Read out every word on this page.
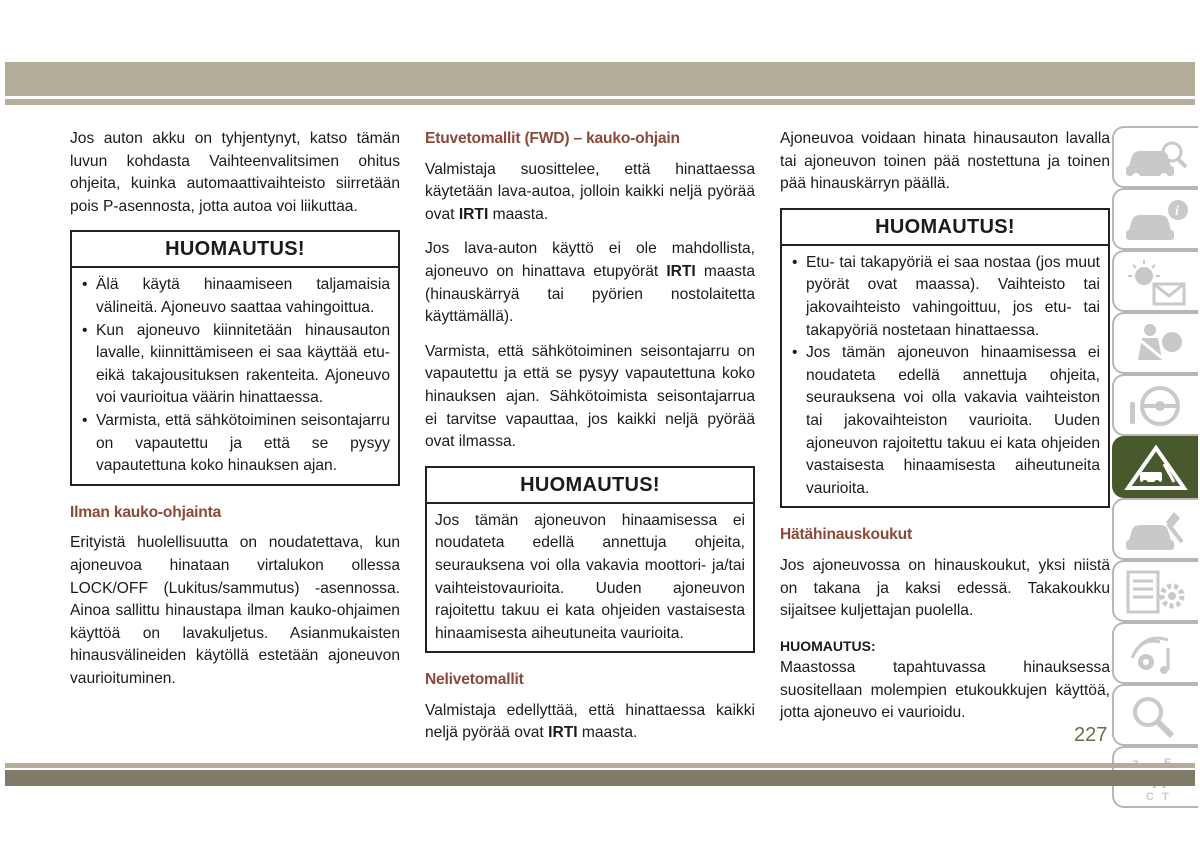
Jos auton akku on tyhjentynyt, katso tämän luvun kohdasta Vaihteenvalitsimen ohitus ohjeita, kuinka automaattivaihteisto siirretään pois P-asennosta, jotta autoa voi liikuttaa.

HUOMAUTUS!
• Älä käytä hinaamiseen taljamaisia välineitä. Ajoneuvo saattaa vahingoittua.
• Kun ajoneuvo kiinnitetään hinausauton lavalle, kiinnittämiseen ei saa käyttää etu- eikä takajousituksen rakenteita. Ajoneuvo voi vaurioitua väärin hinattaessa.
• Varmista, että sähkötoiminen seisontajarru on vapautettu ja että se pysyy vapautettuna koko hinauksen ajan.
Ilman kauko-ohjainta

Erityistä huolellisuutta on noudatettava, kun ajoneuvoa hinataan virtalukon ollessa LOCK/OFF (Lukitus/sammutus) -asennossa. Ainoa sallittu hinaustapa ilman kauko-ohjaimen käyttöä on lavakuljetus. Asianmukaisten hinausvälineiden käytöllä estetään ajoneuvon vaurioituminen.

Etuvetomallit (FWD) – kauko-ohjain

Valmistaja suosittelee, että hinattaessa käytetään lava-autoa, jolloin kaikki neljä pyörää ovat IRTI maasta.

Jos lava-auton käyttö ei ole mahdollista, ajoneuvo on hinattava etupyörät IRTI maasta (hinauskärryä tai pyörien nostolaitetta käyttämällä).

Varmista, että sähkötoiminen seisontajarru on vapautettu ja että se pysyy vapautettuna koko hinauksen ajan. Sähkötoimista seisontajarrua ei tarvitse vapauttaa, jos kaikki neljä pyörää ovat ilmassa.

HUOMAUTUS!

Jos tämän ajoneuvon hinaamisessa ei noudateta edellä annettuja ohjeita, seurauksena voi olla vakavia moottori- ja/tai vaihteistovaurioita. Uuden ajoneuvon rajoitettu takuu ei kata ohjeiden vastaisesta hinaamisesta aiheutuneita vaurioita.

Nelivetomallit

Valmistaja edellyttää, että hinattaessa kaikki neljä pyörää ovat IRTI maasta.

Ajoneuvoa voidaan hinata hinausauton lavalla tai ajoneuvon toinen pää nostettuna ja toinen pää hinauskärryn päällä.

HUOMAUTUS!
• Etu- tai takapyöriä ei saa nostaa (jos muut pyörät ovat maassa). Vaihteisto tai jakovaihteisto vahingoittuu, jos etu- tai takapyöriä nostetaan hinattaessa.
• Jos tämän ajoneuvon hinaamisessa ei noudateta edellä annettuja ohjeita, seurauksena voi olla vakavia vaihteiston tai jakovaihteiston vaurioita. Uuden ajoneuvon rajoitettu takuu ei kata ohjeiden vastaisesta hinaamisesta aiheutuneita vaurioita.
Hätähinauskoukut

Jos ajoneuvossa on hinauskoukut, yksi niistä on takana ja kaksi edessä. Takakoukku sijaitsee kuljettajan puolella.

HUOMAUTUS:

Maastossa tapahtuvassa hinauksessa suositellaan molempien etukoukkujen käyttöä, jotta ajoneuvo ei vaurioidu.

i
C T
227
